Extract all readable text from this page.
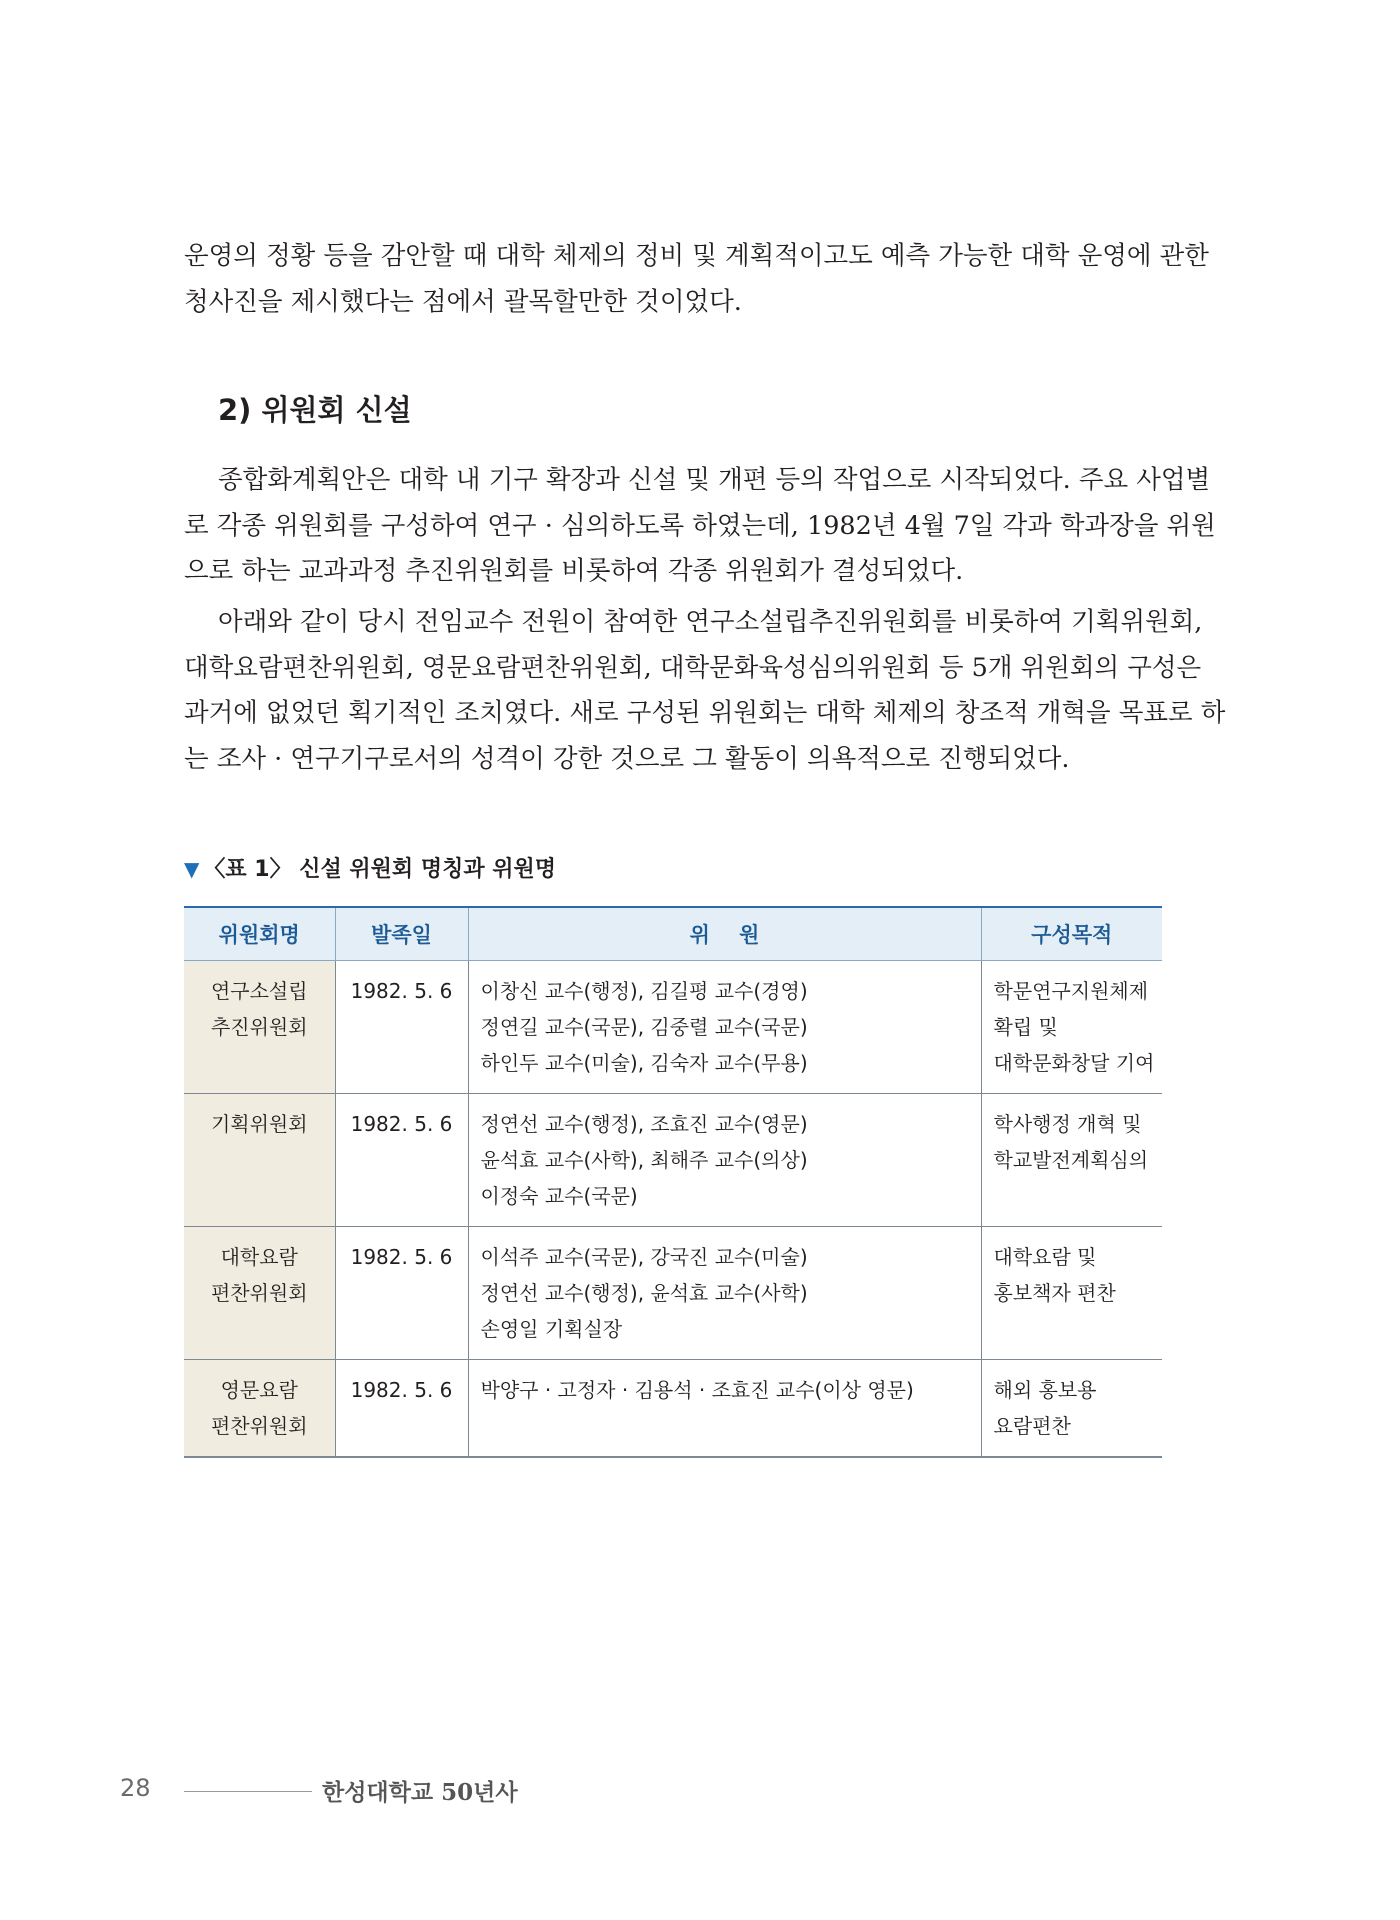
운영의 정황 등을 감안할 때 대학 체제의 정비 및 계획적이고도 예측 가능한 대학 운영에 관한
청사진을 제시했다는 점에서 괄목할만한 것이었다.
2) 위원회 신설
종합화계획안은 대학 내 기구 확장과 신설 및 개편 등의 작업으로 시작되었다. 주요 사업별
로 각종 위원회를 구성하여 연구 · 심의하도록 하였는데, 1982년 4월 7일 각과 학과장을 위원
으로 하는 교과과정 추진위원회를 비롯하여 각종 위원회가 결성되었다.
아래와 같이 당시 전임교수 전원이 참여한 연구소설립추진위원회를 비롯하여 기획위원회,
대학요람편찬위원회, 영문요람편찬위원회, 대학문화육성심의위원회 등 5개 위원회의 구성은
과거에 없었던 획기적인 조치였다. 새로 구성된 위원회는 대학 체제의 창조적 개혁을 목표로 하
는 조사 · 연구기구로서의 성격이 강한 것으로 그 활동이 의욕적으로 진행되었다.

▼ 〈표 1〉 신설 위원회 명칭과 위원명

위원회명	발족일	위    원	구성목적

연구소설립
추진위원회	1982. 5. 6	이창신 교수(행정), 김길평 교수(경영)
정연길 교수(국문), 김중렬 교수(국문)
하인두 교수(미술), 김숙자 교수(무용)	학문연구지원체제
확립 및
대학문화창달 기여

기획위원회	1982. 5. 6	정연선 교수(행정), 조효진 교수(영문)
윤석효 교수(사학), 최해주 교수(의상)
이정숙 교수(국문)	학사행정 개혁 및
학교발전계획심의

대학요람
편찬위원회	1982. 5. 6	이석주 교수(국문), 강국진 교수(미술)
정연선 교수(행정), 윤석효 교수(사학)
손영일 기획실장	대학요람 및
홍보책자 편찬

영문요람
편찬위원회	1982. 5. 6	박양구 · 고정자 · 김용석 · 조효진 교수(이상 영문)	해외 홍보용
요람편찬

28	한성대학교 50년사
